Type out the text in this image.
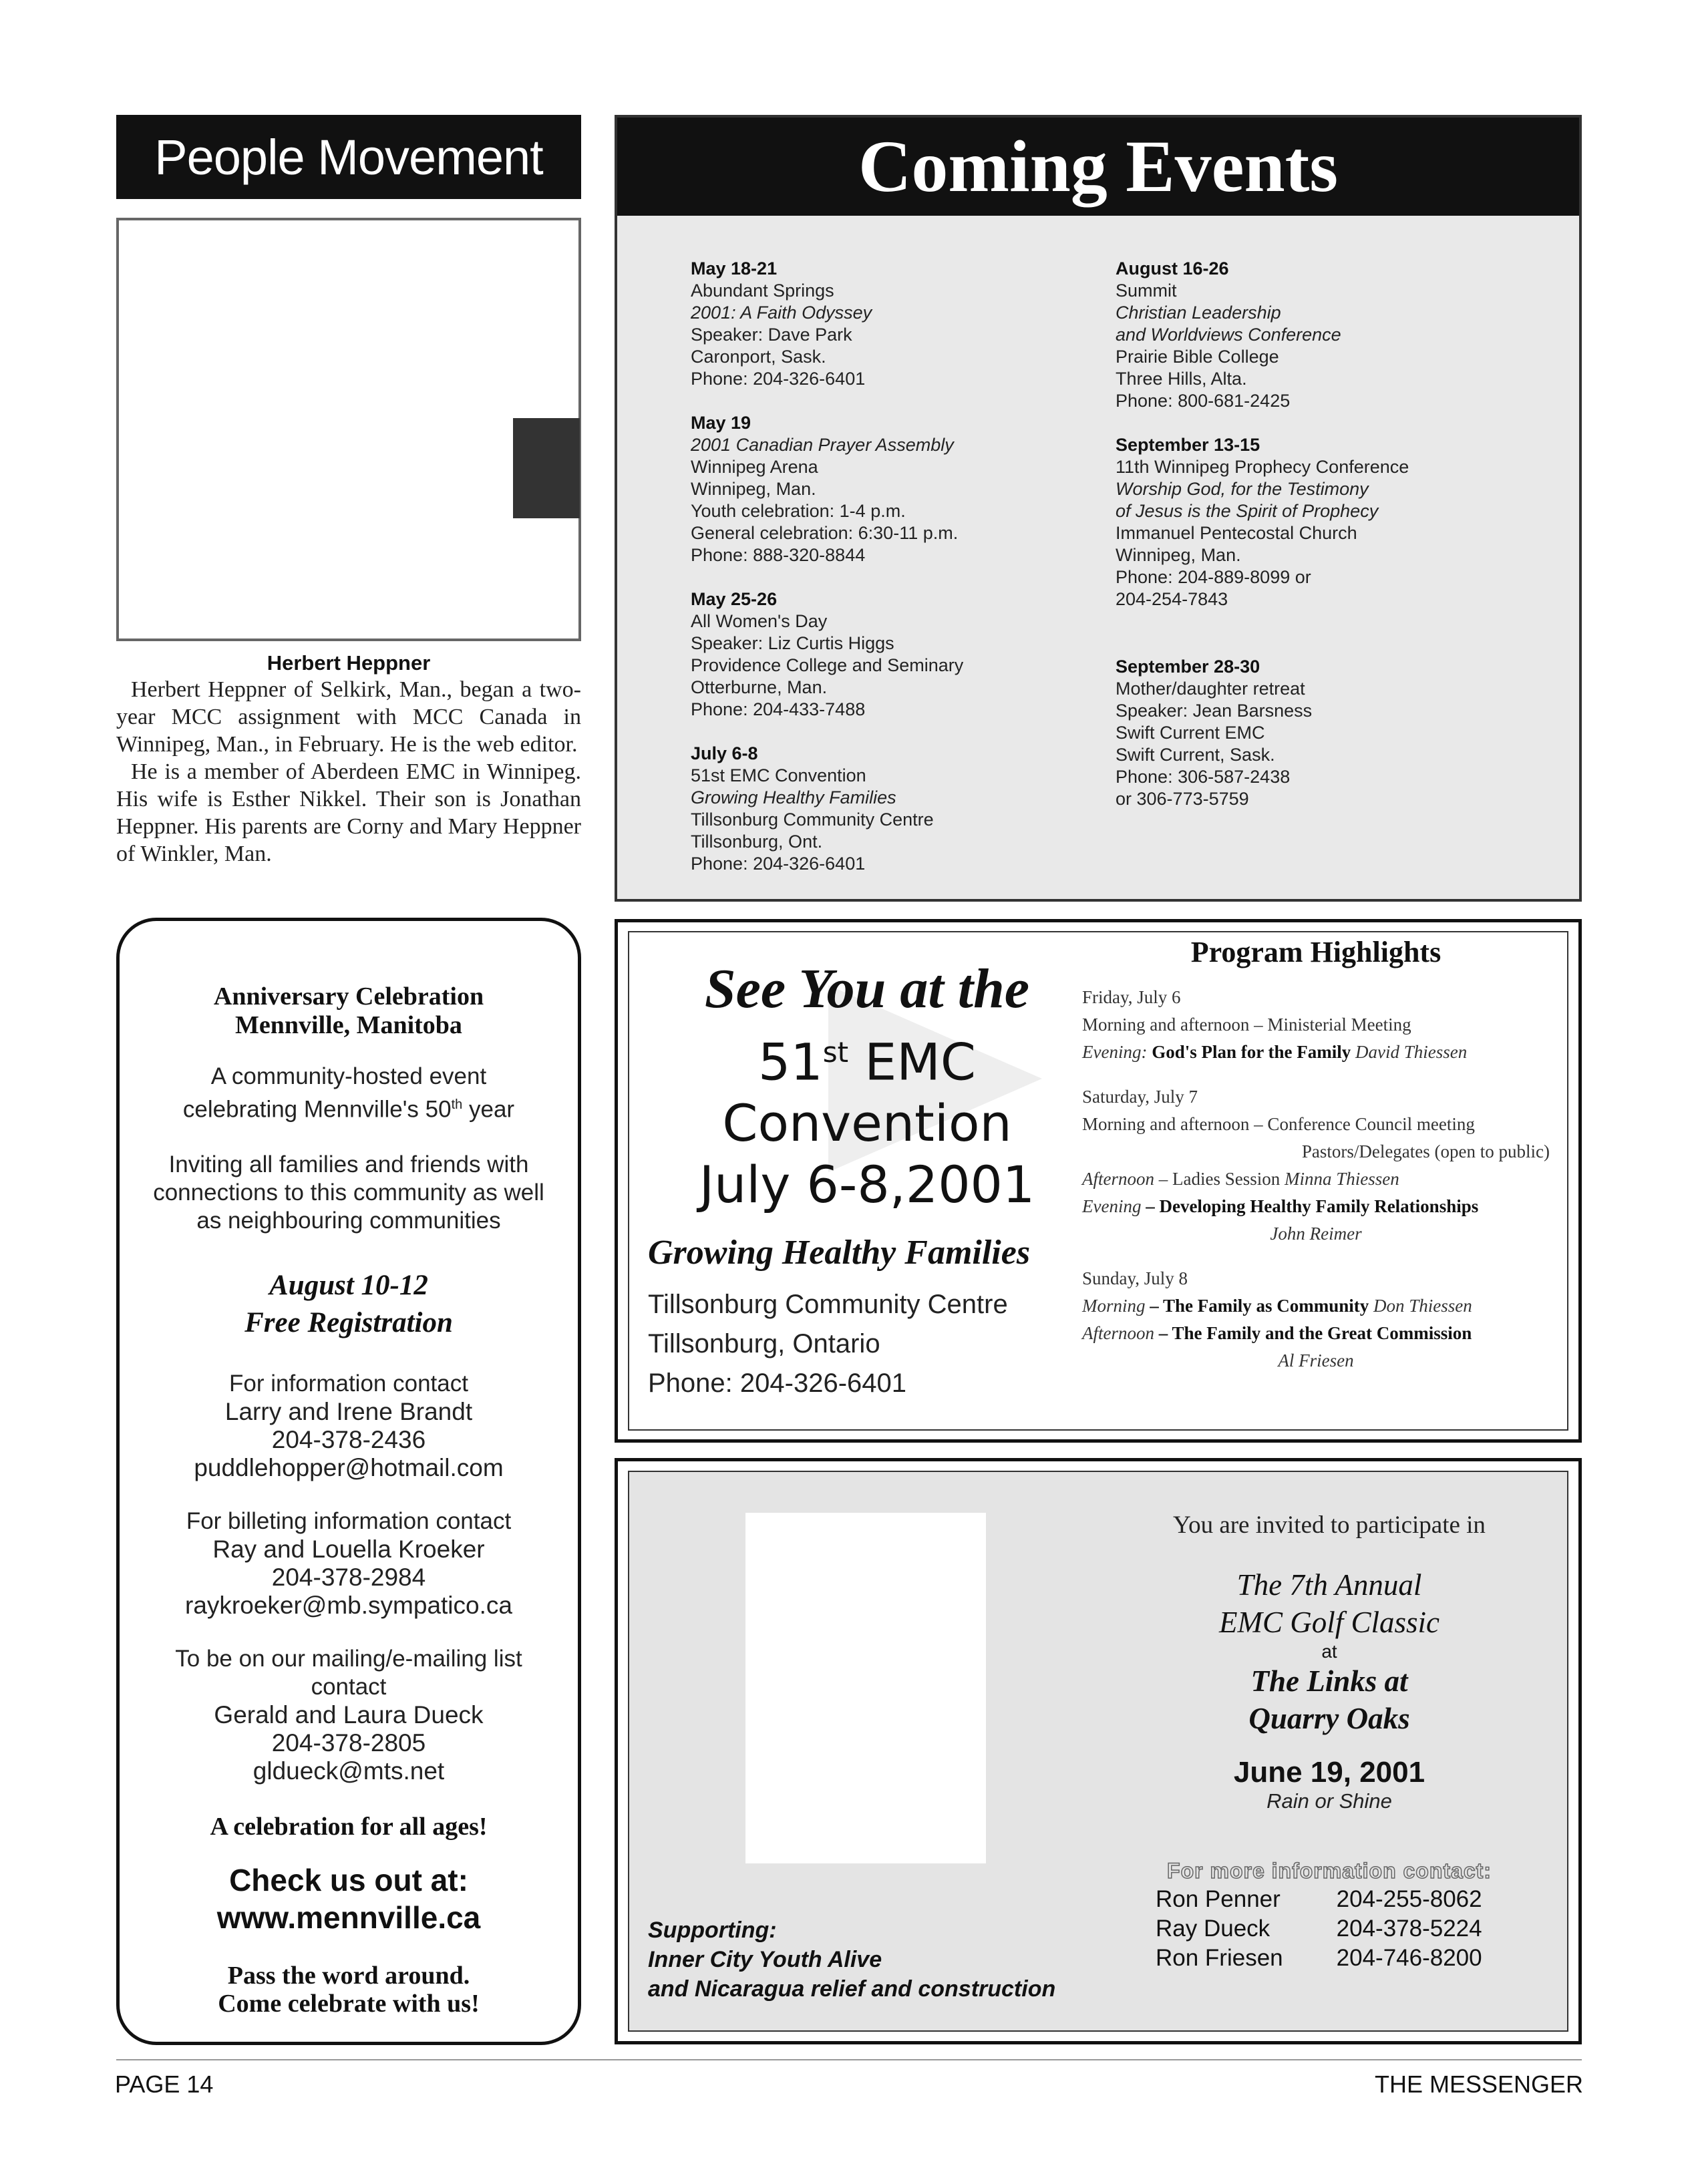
People Movement
Herbert Heppner

Herbert Heppner of Selkirk, Man., began a two-year MCC assignment with MCC Canada in Winnipeg, Man., in February. He is the web editor.

He is a member of Aberdeen EMC in Winnipeg. His wife is Esther Nikkel. Their son is Jonathan Heppner. His parents are Corny and Mary Heppner of Winkler, Man.

Anniversary Celebration
Mennville, Manitoba
A community-hosted event
celebrating Mennville's 50th year
Inviting all families and friends with
connections to this community as well
as neighbouring communities
August 10-12
Free Registration
For information contact
Larry and Irene Brandt
204-378-2436
puddlehopper@hotmail.com
For billeting information contact
Ray and Louella Kroeker
204-378-2984
raykroeker@mb.sympatico.ca
To be on our mailing/e-mailing list
contact
Gerald and Laura Dueck
204-378-2805
gldueck@mts.net
A celebration for all ages!
Check us out at:
www.mennville.ca
Pass the word around.
Come celebrate with us!
Coming Events
May 18-21
Abundant Springs
2001: A Faith Odyssey
Speaker: Dave Park
Caronport, Sask.
Phone: 204-326-6401
May 19
2001 Canadian Prayer Assembly
Winnipeg Arena
Winnipeg, Man.
Youth celebration: 1-4 p.m.
General celebration: 6:30-11 p.m.
Phone: 888-320-8844
May 25-26
All Women's Day
Speaker: Liz Curtis Higgs
Providence College and Seminary
Otterburne, Man.
Phone: 204-433-7488
July 6-8
51st EMC Convention
Growing Healthy Families
Tillsonburg Community Centre
Tillsonburg, Ont.
Phone: 204-326-6401
August 16-26
Summit
Christian Leadership
and Worldviews Conference
Prairie Bible College
Three Hills, Alta.
Phone: 800-681-2425
September 13-15
11th Winnipeg Prophecy Conference
Worship God, for the Testimony
of Jesus is the Spirit of Prophecy
Immanuel Pentecostal Church
Winnipeg, Man.
Phone: 204-889-8099 or
204-254-7843
September 28-30
Mother/daughter retreat
Speaker: Jean Barsness
Swift Current EMC
Swift Current, Sask.
Phone: 306-587-2438
or 306-773-5759
See You at the
51st EMC
Convention
July 6-8,2001
Growing Healthy Families
Tillsonburg Community Centre
Tillsonburg, Ontario
Phone: 204-326-6401
Program Highlights
Friday, July 6
Morning and afternoon – Ministerial Meeting
Evening: God's Plan for the Family David Thiessen
Saturday, July 7
Morning and afternoon – Conference Council meeting
Pastors/Delegates (open to public)
Afternoon – Ladies Session Minna Thiessen
Evening – Developing Healthy Family Relationships
John Reimer
Sunday, July 8
Morning – The Family as Community Don Thiessen
Afternoon – The Family and the Great Commission
Al Friesen
You are invited to participate in
The 7th Annual
EMC Golf Classic
at
The Links at
Quarry Oaks
June 19, 2001
Rain or Shine
For more information contact:
Ron Penner	204-255-8062
Ray Dueck	204-378-5224
Ron Friesen	204-746-8200
Supporting:
Inner City Youth Alive
and Nicaragua relief and construction
PAGE 14	THE MESSENGER
